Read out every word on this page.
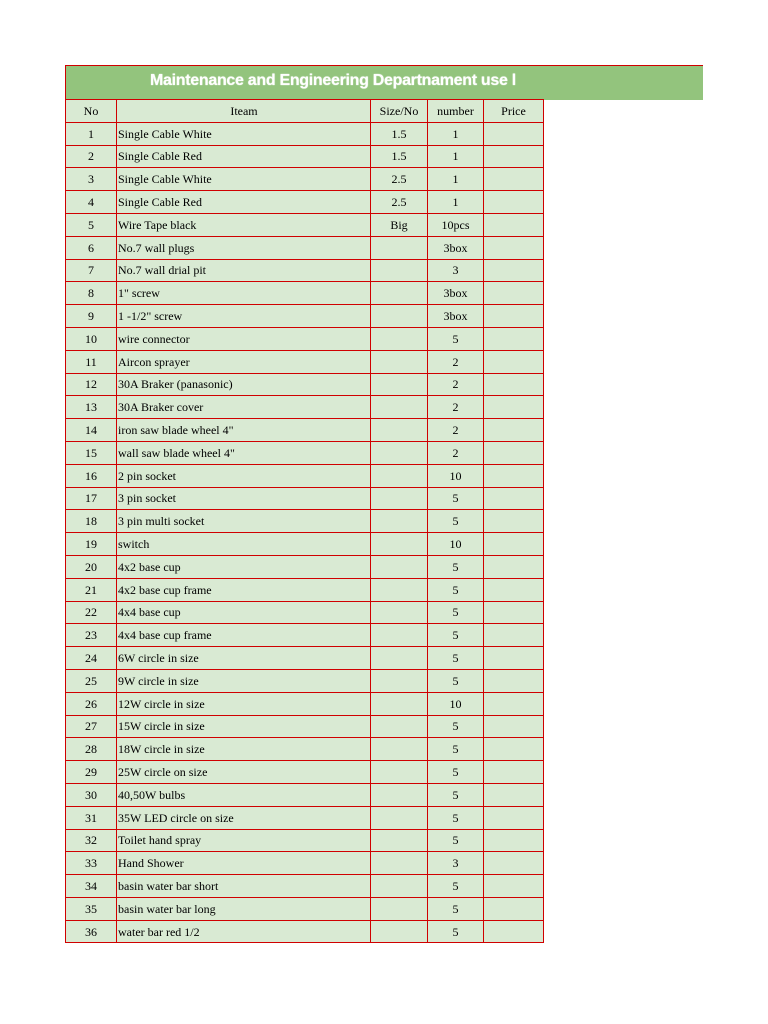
Maintenance and Engineering Departnament use l
No	Iteam	Size/No	number	Price
1	Single Cable White	1.5	1	
2	Single Cable Red	1.5	1	
3	Single Cable White	2.5	1	
4	Single Cable Red	2.5	1	
5	Wire Tape black	Big	10pcs	
6	No.7 wall plugs		3box	
7	No.7 wall drial pit		3	
8	1" screw		3box	
9	1 -1/2" screw		3box	
10	wire connector		5	
11	Aircon sprayer		2	
12	30A Braker (panasonic)		2	
13	30A Braker cover		2	
14	iron saw blade wheel 4"		2	
15	wall saw blade wheel 4"		2	
16	2 pin socket		10	
17	3 pin socket		5	
18	3 pin multi socket		5	
19	switch		10	
20	4x2 base cup		5	
21	4x2 base cup frame		5	
22	4x4 base cup		5	
23	4x4 base cup frame		5	
24	6W circle in size		5	
25	9W circle in size		5	
26	12W circle in size		10	
27	15W circle in size		5	
28	18W circle in size		5	
29	25W circle on size		5	
30	40,50W bulbs		5	
31	35W LED circle on size		5	
32	Toilet hand spray		5	
33	Hand Shower		3	
34	basin water bar short		5	
35	basin water bar long		5	
36	water bar red 1/2		5	
